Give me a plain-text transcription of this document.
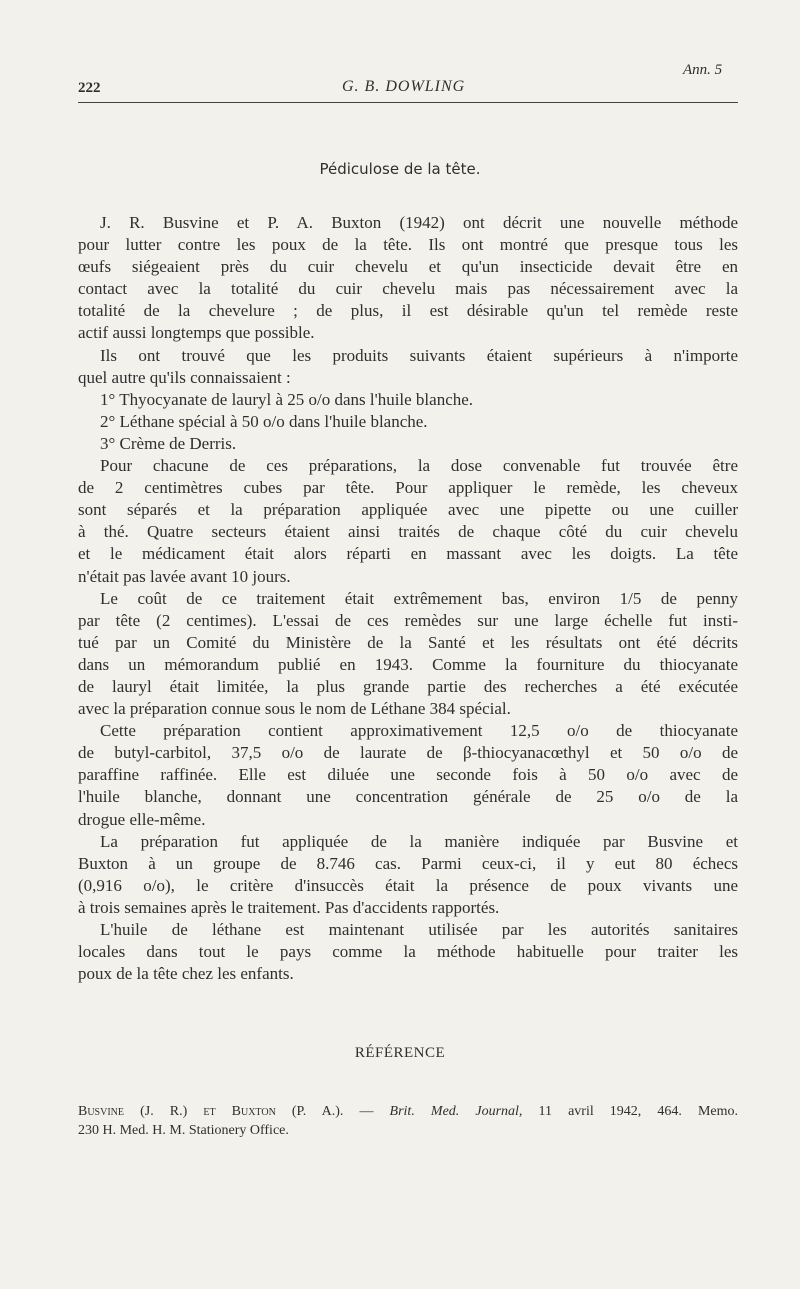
Ann. 5
222	G. B. DOWLING
Pédiculose de la tête.
J. R. Busvine et P. A. Buxton (1942) ont décrit une nouvelle méthode
pour lutter contre les poux de la tête. Ils ont montré que presque tous les
œufs siégeaient près du cuir chevelu et qu'un insecticide devait être en
contact avec la totalité du cuir chevelu mais pas nécessairement avec la
totalité de la chevelure ; de plus, il est désirable qu'un tel remède reste
actif aussi longtemps que possible.
Ils ont trouvé que les produits suivants étaient supérieurs à n'importe
quel autre qu'ils connaissaient :
1° Thyocyanate de lauryl à 25 o/o dans l'huile blanche.
2° Léthane spécial à 50 o/o dans l'huile blanche.
3° Crème de Derris.
Pour chacune de ces préparations, la dose convenable fut trouvée être
de 2 centimètres cubes par tête. Pour appliquer le remède, les cheveux
sont séparés et la préparation appliquée avec une pipette ou une cuiller
à thé. Quatre secteurs étaient ainsi traités de chaque côté du cuir chevelu
et le médicament était alors réparti en massant avec les doigts. La tête
n'était pas lavée avant 10 jours.
Le coût de ce traitement était extrêmement bas, environ 1/5 de penny
par tête (2 centimes). L'essai de ces remèdes sur une large échelle fut insti-
tué par un Comité du Ministère de la Santé et les résultats ont été décrits
dans un mémorandum publié en 1943. Comme la fourniture du thiocyanate
de lauryl était limitée, la plus grande partie des recherches a été exécutée
avec la préparation connue sous le nom de Léthane 384 spécial.
Cette préparation contient approximativement 12,5 o/o de thiocyanate
de butyl-carbitol, 37,5 o/o de laurate de β-thiocyanacœthyl et 50 o/o de
paraffine raffinée. Elle est diluée une seconde fois à 50 o/o avec de
l'huile blanche, donnant une concentration générale de 25 o/o de la
drogue elle-même.
La préparation fut appliquée de la manière indiquée par Busvine et
Buxton à un groupe de 8.746 cas. Parmi ceux-ci, il y eut 80 échecs
(0,916 o/o), le critère d'insuccès était la présence de poux vivants une
à trois semaines après le traitement. Pas d'accidents rapportés.
L'huile de léthane est maintenant utilisée par les autorités sanitaires
locales dans tout le pays comme la méthode habituelle pour traiter les
poux de la tête chez les enfants.
RÉFÉRENCE
Busvine (J. R.) et Buxton (P. A.). — Brit. Med. Journal, 11 avril 1942, 464. Memo.
230 H. Med. H. M. Stationery Office.
